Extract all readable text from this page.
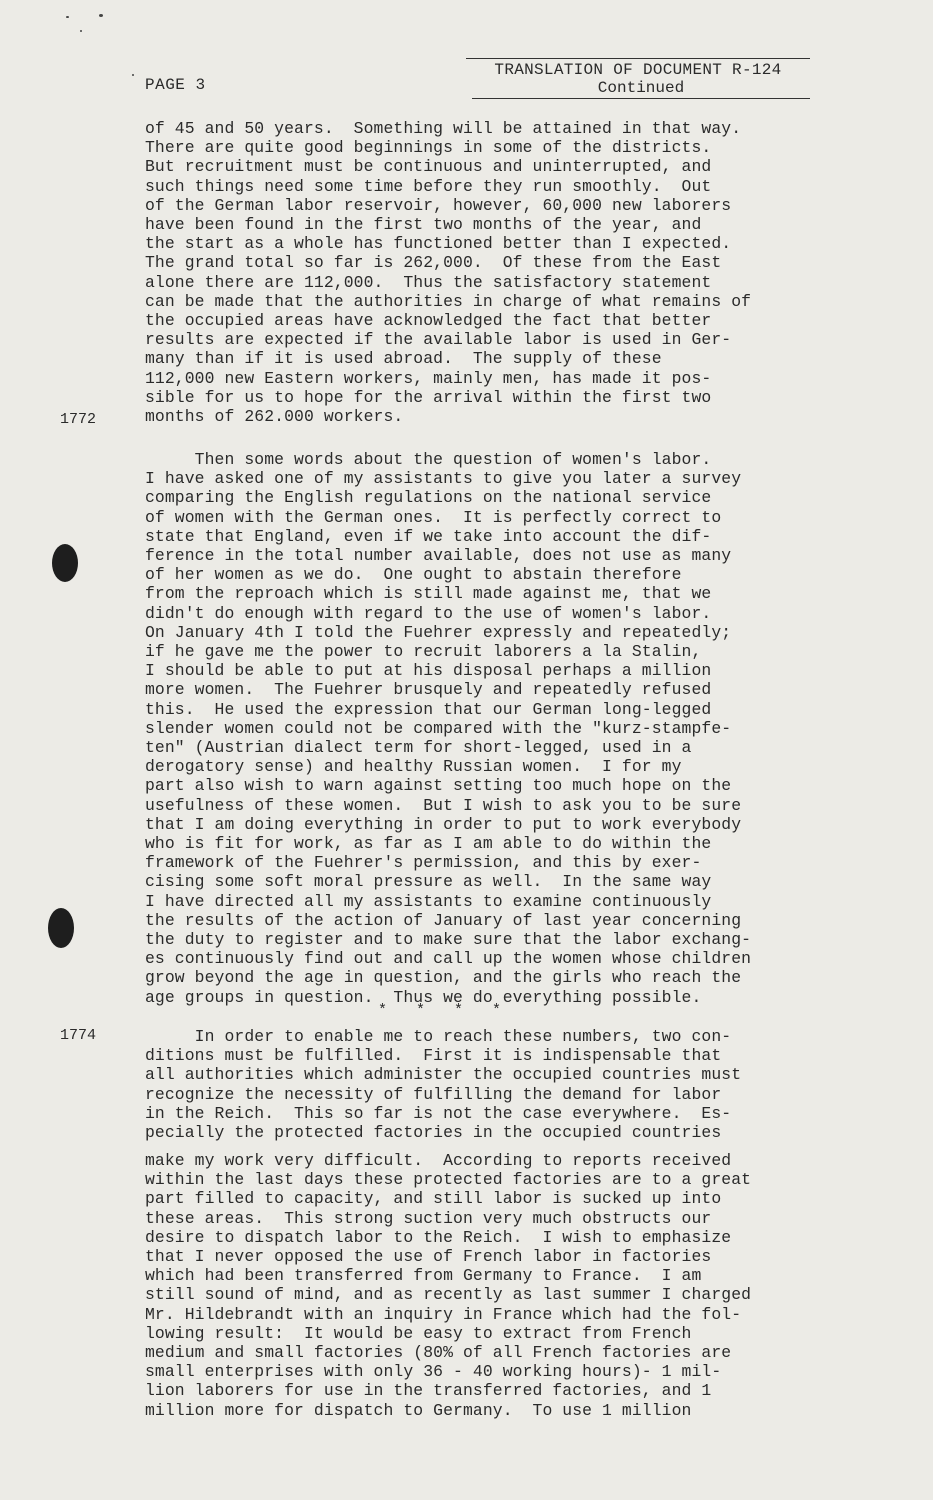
PAGE 3
TRANSLATION OF DOCUMENT R-124
Continued
of 45 and 50 years.  Something will be attained in that way.
There are quite good beginnings in some of the districts.
But recruitment must be continuous and uninterrupted, and
such things need some time before they run smoothly.  Out
of the German labor reservoir, however, 60,000 new laborers
have been found in the first two months of the year, and
the start as a whole has functioned better than I expected.
The grand total so far is 262,000.  Of these from the East
alone there are 112,000.  Thus the satisfactory statement
can be made that the authorities in charge of what remains of
the occupied areas have acknowledged the fact that better
results are expected if the available labor is used in Ger-
many than if it is used abroad.  The supply of these
112,000 new Eastern workers, mainly men, has made it pos-
sible for us to hope for the arrival within the first two
months of 262.000 workers.
1772
Then some words about the question of women's labor.
I have asked one of my assistants to give you later a survey
comparing the English regulations on the national service
of women with the German ones.  It is perfectly correct to
state that England, even if we take into account the dif-
ference in the total number available, does not use as many
of her women as we do.  One ought to abstain therefore
from the reproach which is still made against me, that we
didn't do enough with regard to the use of women's labor.
On January 4th I told the Fuehrer expressly and repeatedly;
if he gave me the power to recruit laborers a la Stalin,
I should be able to put at his disposal perhaps a million
more women.  The Fuehrer brusquely and repeatedly refused
this.  He used the expression that our German long-legged
slender women could not be compared with the "kurz-stampfe-
ten" (Austrian dialect term for short-legged, used in a
derogatory sense) and healthy Russian women.  I for my
part also wish to warn against setting too much hope on the
usefulness of these women.  But I wish to ask you to be sure
that I am doing everything in order to put to work everybody
who is fit for work, as far as I am able to do within the
framework of the Fuehrer's permission, and this by exer-
cising some soft moral pressure as well.  In the same way
I have directed all my assistants to examine continuously
the results of the action of January of last year concerning
the duty to register and to make sure that the labor exchang-
es continuously find out and call up the women whose children
grow beyond the age in question, and the girls who reach the
age groups in question.  Thus we do everything possible.
* * * *
1774	In order to enable me to reach these numbers, two con-
ditions must be fulfilled.  First it is indispensable that
all authorities which administer the occupied countries must
recognize the necessity of fulfilling the demand for labor
in the Reich.  This so far is not the case everywhere.  Es-
pecially the protected factories in the occupied countries
make my work very difficult.  According to reports received
within the last days these protected factories are to a great
part filled to capacity, and still labor is sucked up into
these areas.  This strong suction very much obstructs our
desire to dispatch labor to the Reich.  I wish to emphasize
that I never opposed the use of French labor in factories
which had been transferred from Germany to France.  I am
still sound of mind, and as recently as last summer I charged
Mr. Hildebrandt with an inquiry in France which had the fol-
lowing result:  It would be easy to extract from French
medium and small factories (80% of all French factories are
small enterprises with only 36 - 40 working hours)- 1 mil-
lion laborers for use in the transferred factories, and 1
million more for dispatch to Germany.  To use 1 million
